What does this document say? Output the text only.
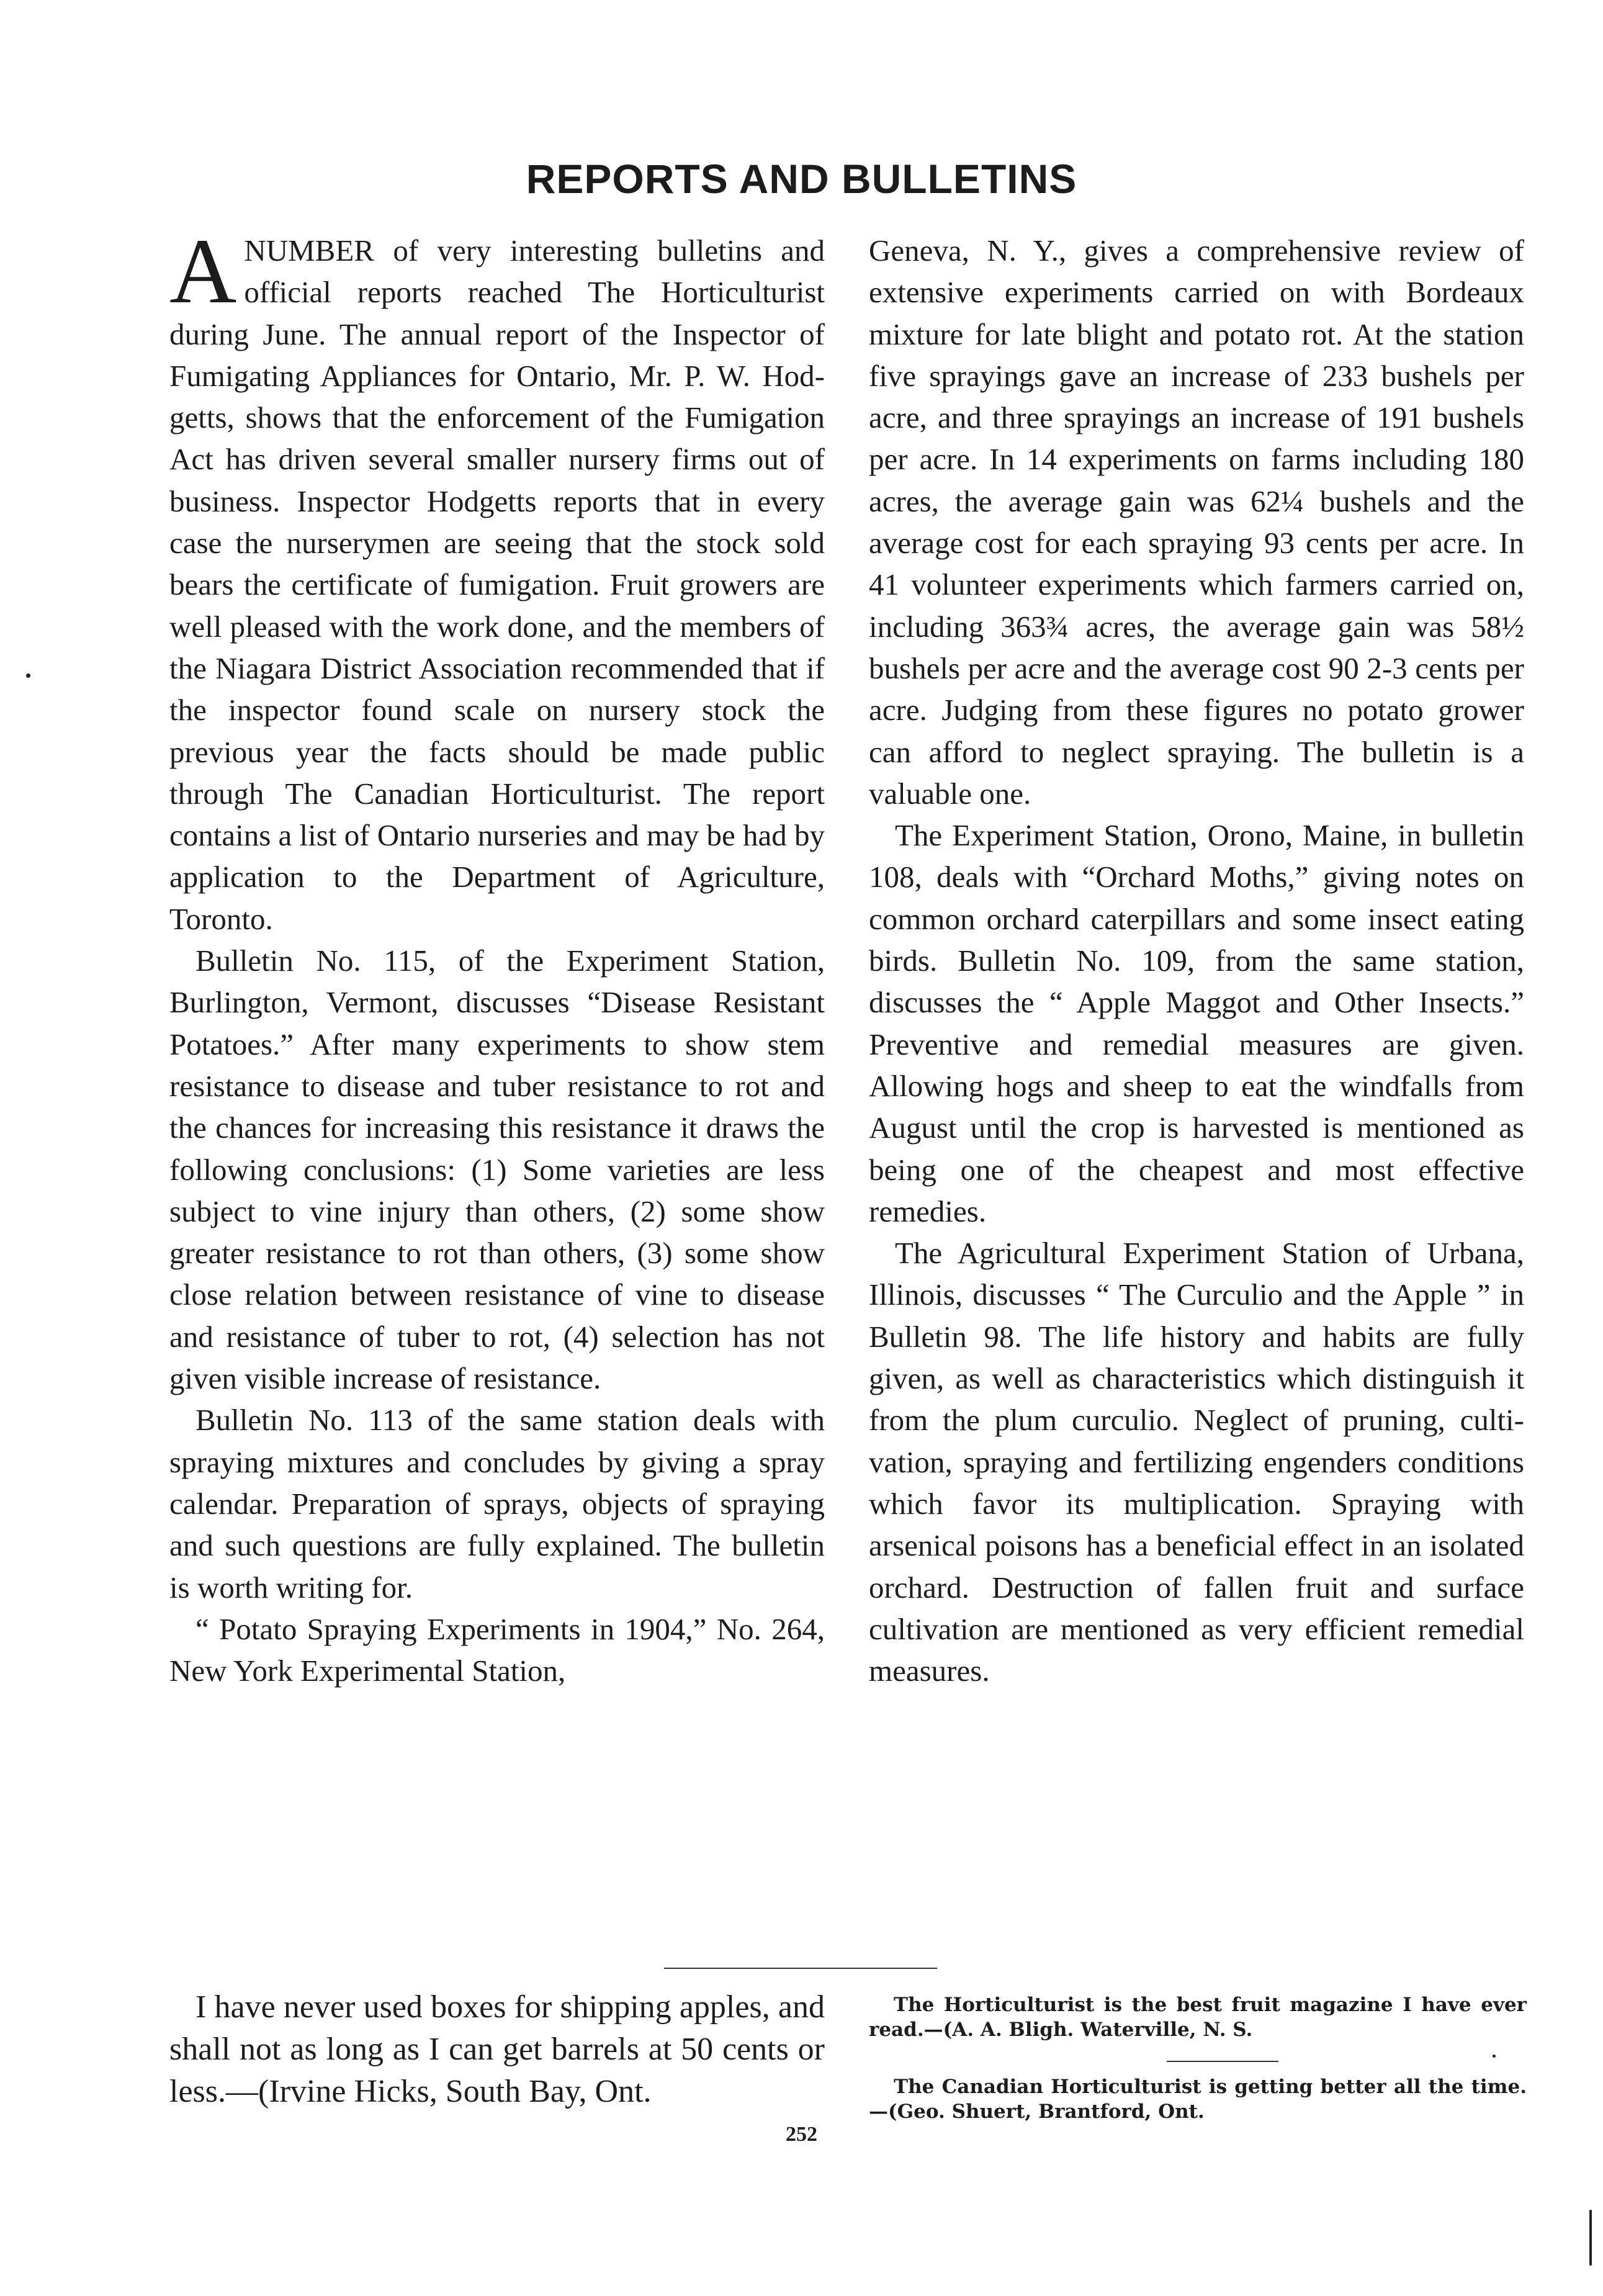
REPORTS AND BULLETINS

ANUMBER of very interesting bulletins and official reports reached The Horticulturist during June. The annual report of the Inspector of Fumigating Appliances for Ontario, Mr. P. W. Hodgetts, shows that the enforcement of the Fumigation Act has driven several smaller nursery firms out of business. Inspector Hodgetts reports that in every case the nurserymen are seeing that the stock sold bears the certificate of fumigation. Fruit growers are well pleased with the work done, and the members of the Niagara District Association recommended that if the inspector found scale on nursery stock the previous year the facts should be made public through The Canadian Horticulturist. The report contains a list of Ontario nurseries and may be had by application to the Department of Agriculture, Toronto.

Bulletin No. 115, of the Experiment Station, Burlington, Vermont, discusses “Disease Resistant Potatoes.” After many experiments to show stem resistance to disease and tuber resistance to rot and the chances for increasing this resistance it draws the following conclusions: (1) Some varieties are less subject to vine injury than others, (2) some show greater resistance to rot than others, (3) some show close relation between resistance of vine to disease and resistance of tuber to rot, (4) selection has not given visible increase of resistance.

Bulletin No. 113 of the same station deals with spraying mixtures and concludes by giving a spray calendar. Preparation of sprays, objects of spraying and such questions are fully explained. The bulletin is worth writing for.

“ Potato Spraying Experiments in 1904,” No. 264, New York Experimental Station,

Geneva, N. Y., gives a comprehensive review of extensive experiments carried on with Bordeaux mixture for late blight and potato rot. At the station five sprayings gave an increase of 233 bushels per acre, and three sprayings an increase of 191 bushels per acre. In 14 experiments on farms including 180 acres, the average gain was 62¼ bushels and the average cost for each spraying 93 cents per acre. In 41 volunteer experiments which farmers carried on, including 363¾ acres, the average gain was 58½ bushels per acre and the average cost 90 2-3 cents per acre. Judging from these figures no potato grower can afford to neglect spraying. The bulletin is a valuable one.

The Experiment Station, Orono, Maine, in bulletin 108, deals with “Orchard Moths,” giving notes on common orchard caterpillars and some insect eating birds. Bulletin No. 109, from the same station, discusses the “ Apple Maggot and Other Insects.” Preventive and remedial measures are given. Allowing hogs and sheep to eat the windfalls from August until the crop is harvested is mentioned as being one of the cheapest and most effective remedies.

The Agricultural Experiment Station of Urbana, Illinois, discusses “ The Curculio and the Apple ” in Bulletin 98. The life history and habits are fully given, as well as characteristics which distinguish it from the plum curculio. Neglect of pruning, cultivation, spraying and fertilizing engenders conditions which favor its multiplication. Spraying with arsenical poisons has a beneficial effect in an isolated orchard. Destruction of fallen fruit and surface cultivation are mentioned as very efficient remedial measures.

I have never used boxes for shipping apples, and shall not as long as I can get barrels at 50 cents or less.—(Irvine Hicks, South Bay, Ont.

The Horticulturist is the best fruit magazine I have ever read.—(A. A. Bligh. Waterville, N. S.

The Canadian Horticulturist is getting better all the time.—(Geo. Shuert, Brantford, Ont.

252
